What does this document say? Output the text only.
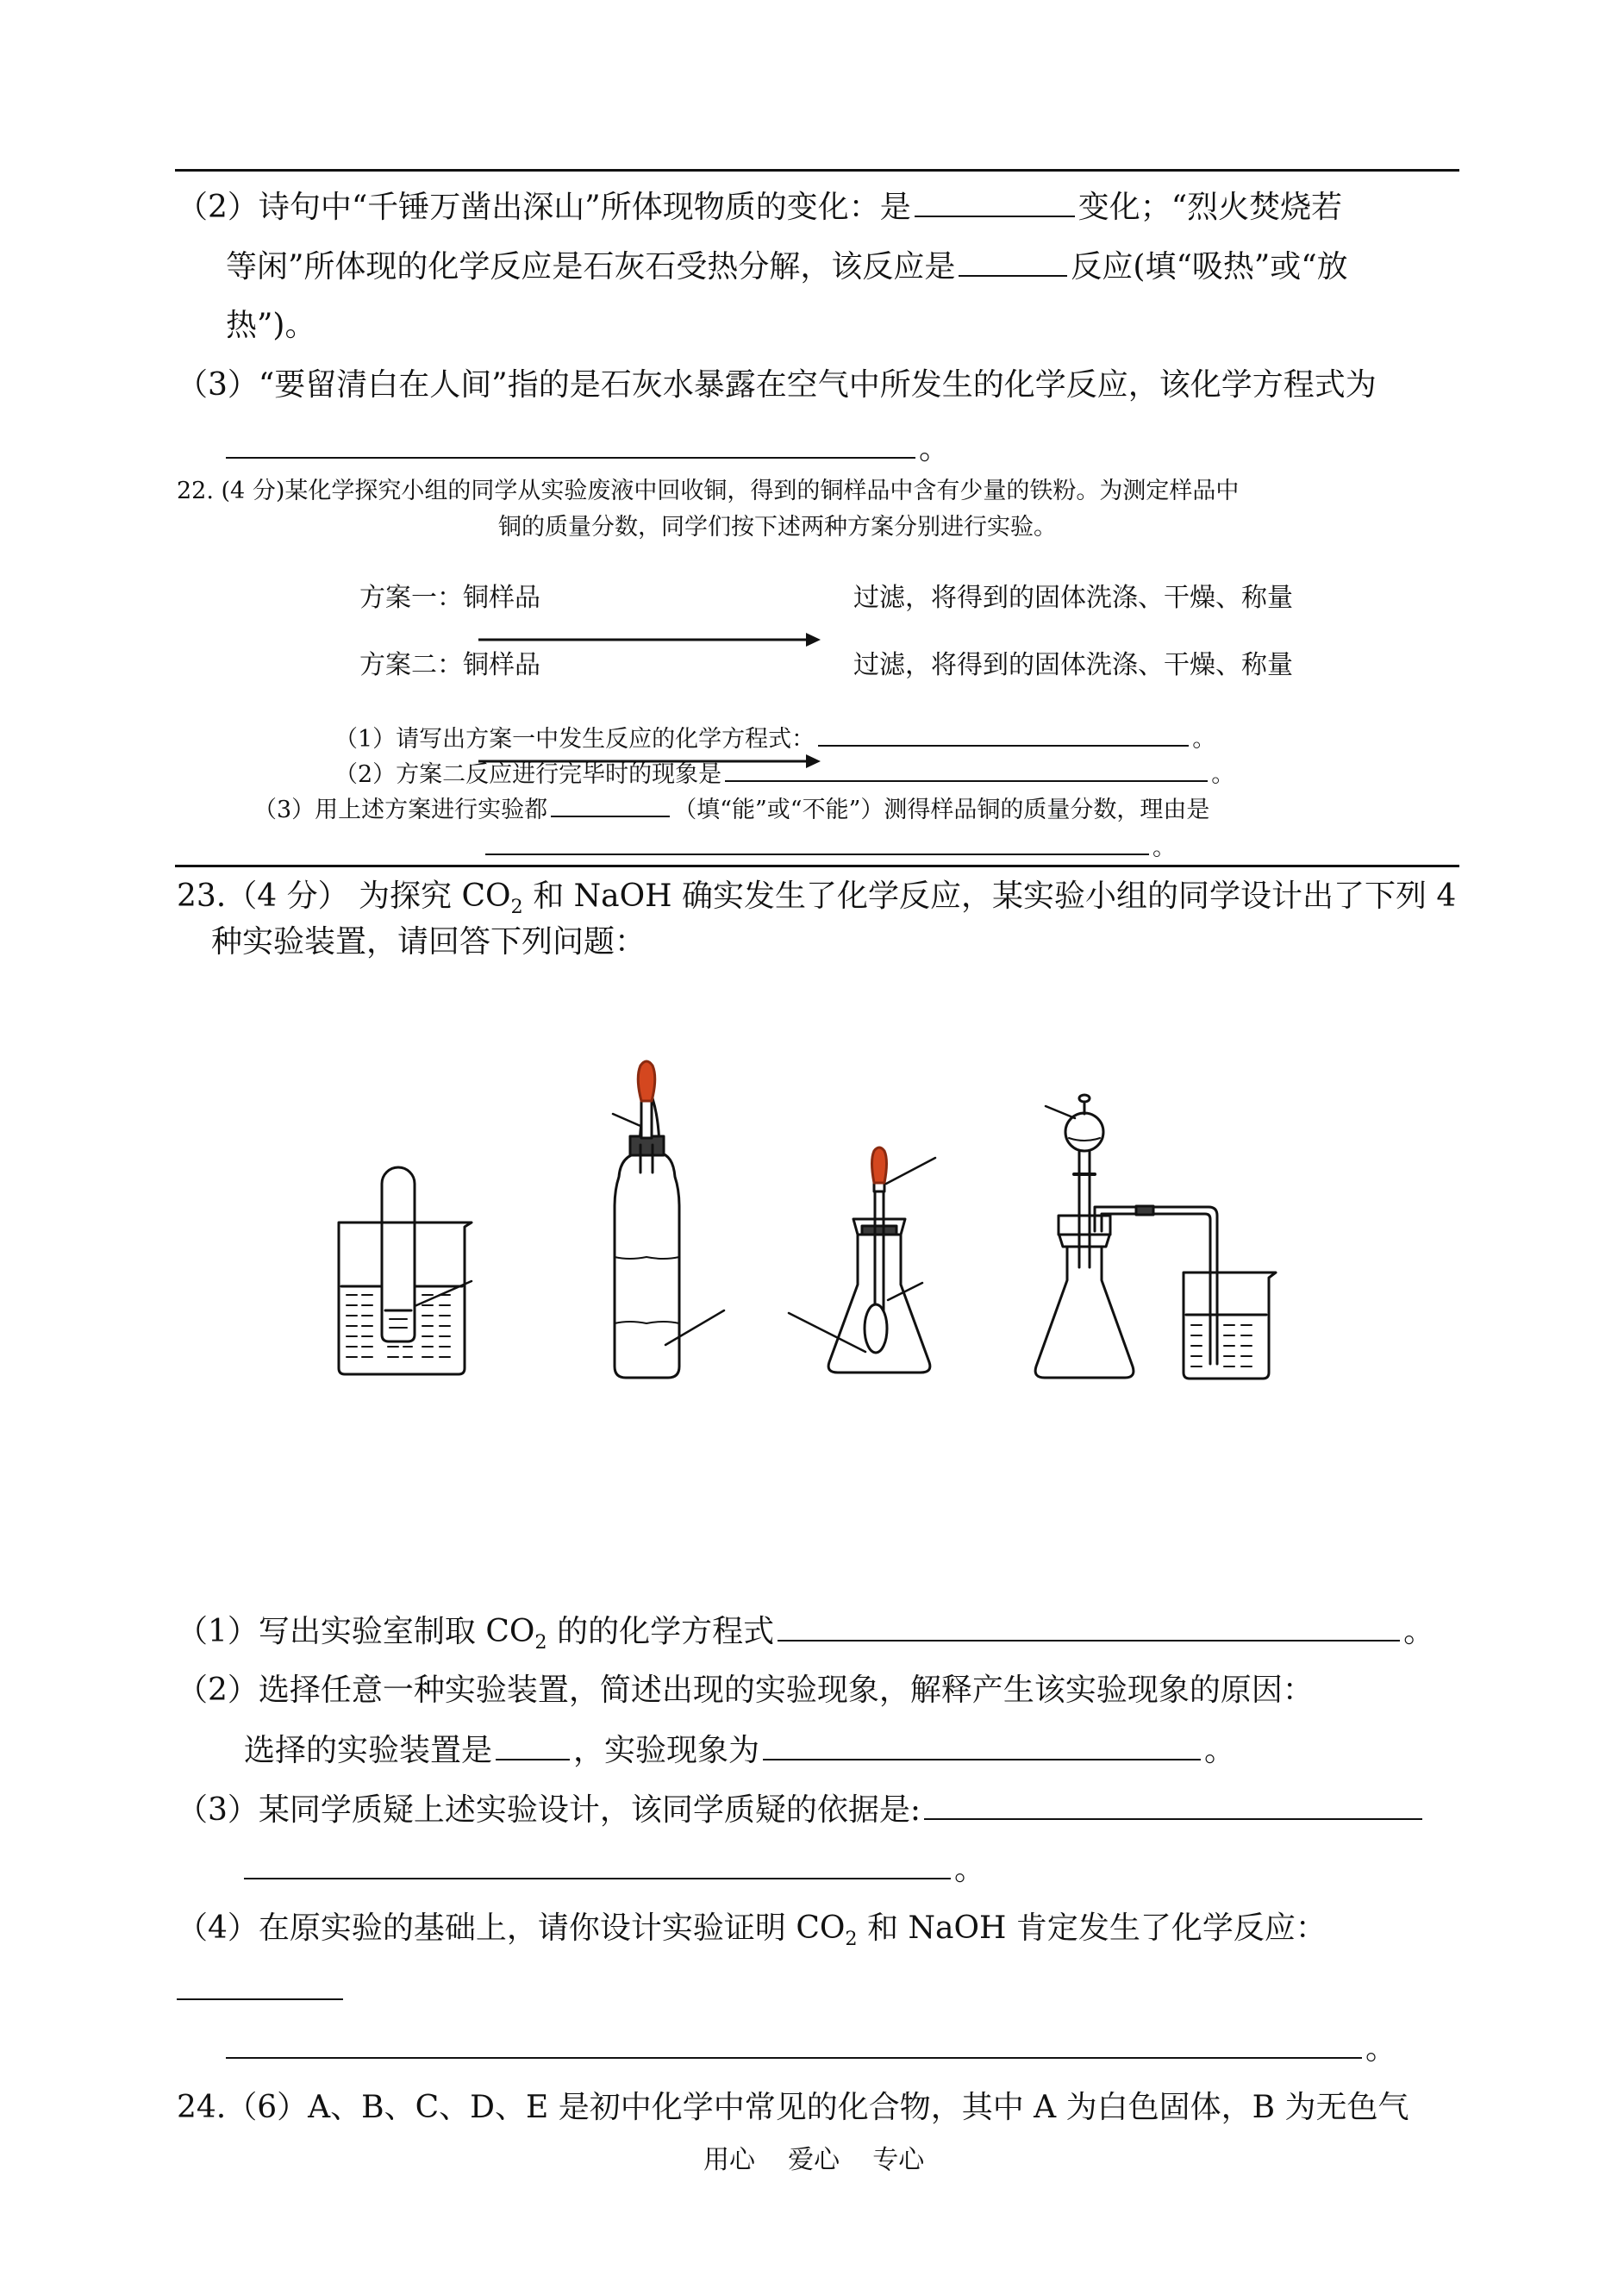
（2）诗句中“千锤万凿出深山”所体现物质的变化：是	变化；“烈火焚烧若
等闲”所体现的化学反应是石灰石受热分解，该反应是	反应(填“吸热”或“放
热”)。
（3）“要留清白在人间”指的是石灰水暴露在空气中所发生的化学反应，该化学方程式为
。
22. (4 分)某化学探究小组的同学从实验废液中回收铜，得到的铜样品中含有少量的铁粉。为测定样品中
铜的质量分数，同学们按下述两种方案分别进行实验。
方案一：铜样品	过滤，将得到的固体洗涤、干燥、称量
方案二：铜样品	过滤，将得到的固体洗涤、干燥、称量
（1）请写出方案一中发生反应的化学方程式：	。
（2）方案二反应进行完毕时的现象是	。
（3）用上述方案进行实验都	（填“能”或“不能”）测得样品铜的质量分数，理由是
。
23.（4 分） 为探究 $CO_2$ 和 NaOH 确实发生了化学反应，某实验小组的同学设计出了下列 4
种实验装置，请回答下列问题：
（1）写出实验室制取 $CO_2$ 的的化学方程式	。
（2）选择任意一种实验装置，简述出现的实验现象，解释产生该实验现象的原因：
选择的实验装置是	，实验现象为	。
（3）某同学质疑上述实验设计，该同学质疑的依据是:
。
（4）在原实验的基础上，请你设计实验证明 $CO_2$ 和 NaOH 肯定发生了化学反应：
。
24.（6）A、B、C、D、E 是初中化学中常见的化合物，其中 A 为白色固体，B 为无色气
用心    爱心    专心
